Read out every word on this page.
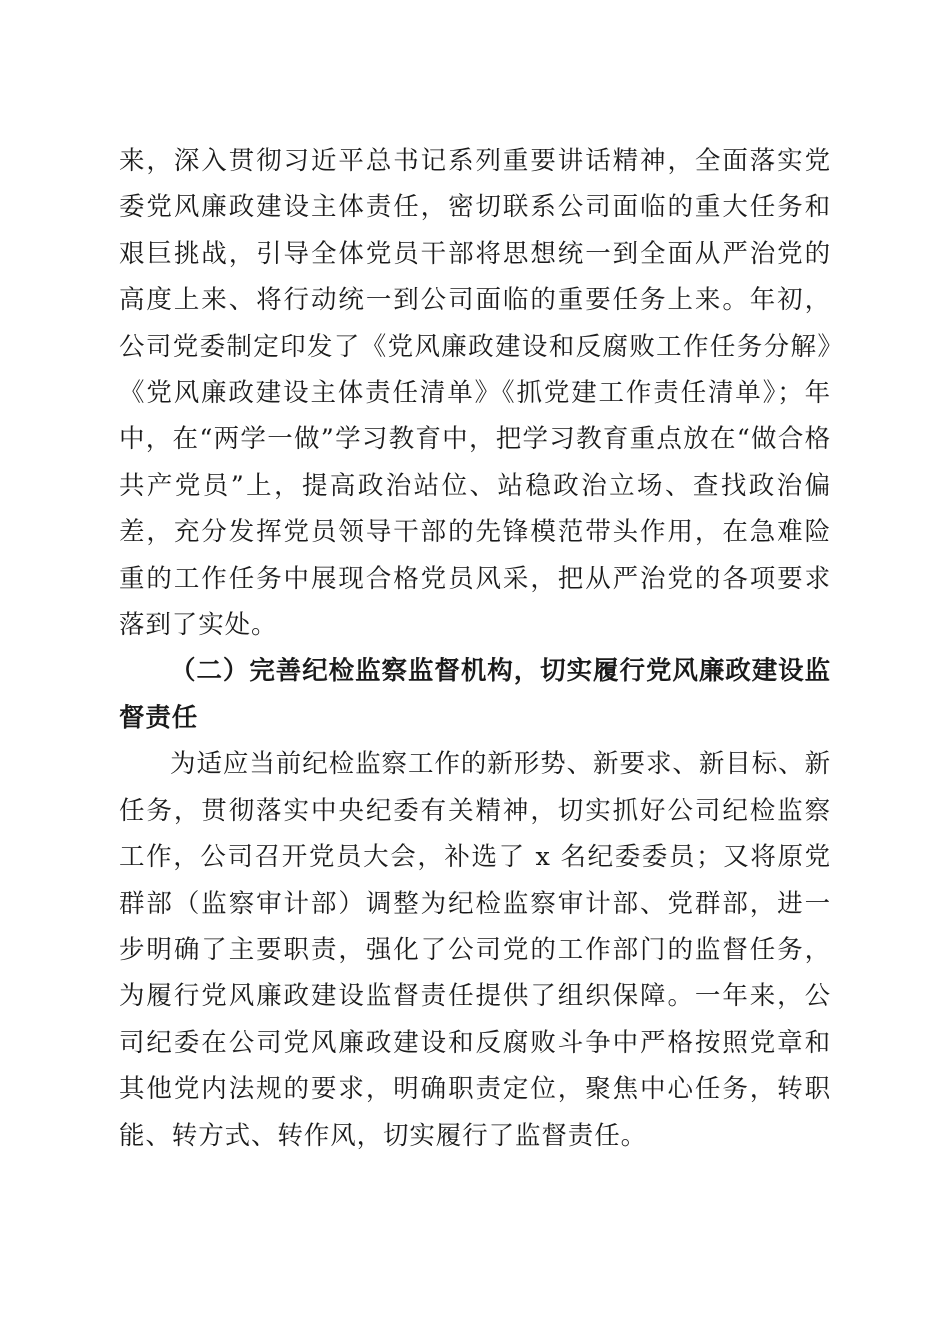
来，深入贯彻习近平总书记系列重要讲话精神，全面落实党委党风廉政建设主体责任，密切联系公司面临的重大任务和艰巨挑战，引导全体党员干部将思想统一到全面从严治党的高度上来、将行动统一到公司面临的重要任务上来。年初，公司党委制定印发了《党风廉政建设和反腐败工作任务分解》《党风廉政建设主体责任清单》《抓党建工作责任清单》；年中，在“两学一做”学习教育中，把学习教育重点放在“做合格共产党员”上，提高政治站位、站稳政治立场、查找政治偏差，充分发挥党员领导干部的先锋模范带头作用，在急难险重的工作任务中展现合格党员风采，把从严治党的各项要求落到了实处。

（二）完善纪检监察监督机构，切实履行党风廉政建设监督责任

为适应当前纪检监察工作的新形势、新要求、新目标、新任务，贯彻落实中央纪委有关精神，切实抓好公司纪检监察工作，公司召开党员大会，补选了 x 名纪委委员；又将原党群部（监察审计部）调整为纪检监察审计部、党群部，进一步明确了主要职责，强化了公司党的工作部门的监督任务，为履行党风廉政建设监督责任提供了组织保障。一年来，公司纪委在公司党风廉政建设和反腐败斗争中严格按照党章和其他党内法规的要求，明确职责定位，聚焦中心任务，转职能、转方式、转作风，切实履行了监督责任。
